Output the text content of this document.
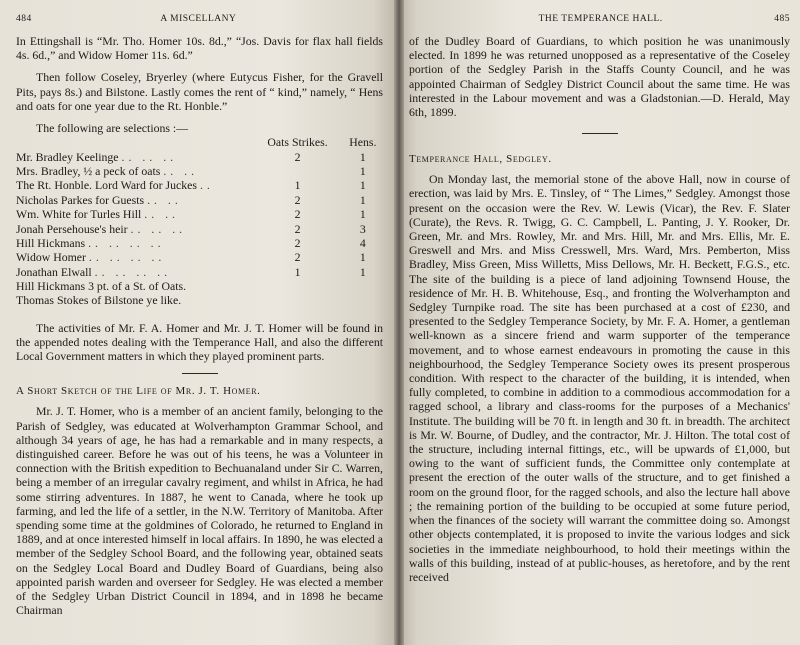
484	A MISCELLANY

In Ettingshall is “Mr. Tho. Homer 10s. 8d.,” “Jos. Davis for flax hall fields 4s. 6d.,” and Widow Homer 11s. 6d.”

Then follow Coseley, Bryerley (where Eutycus Fisher, for the Gravell Pits, pays 8s.) and Bilstone. Lastly comes the rent of “ kind,” namely, “ Hens and oats for one year due to the Rt. Honble.”

The following are selections :—

	Oats Strikes.	Hens.
Mr. Bradley Keelinge .. .. ..	2	1
Mrs. Bradley, ½ a peck of oats .. ..		1
The Rt. Honble. Lord Ward for Juckes ..	1	1
Nicholas Parkes for Guests .. ..	2	1
Wm. White for Turles Hill .. ..	2	1
Jonah Persehouse's heir .. .. ..	2	3
Hill Hickmans .. .. .. ..	2	4
Widow Homer .. .. .. ..	2	1
Jonathan Elwall .. .. .. ..	1	1

Hill Hickmans 3 pt. of a St. of Oats.

Thomas Stokes of Bilstone ye like.

The activities of Mr. F. A. Homer and Mr. J. T. Homer will be found in the appended notes dealing with the Temperance Hall, and also the different Local Government matters in which they played prominent parts.

A Short Sketch of the Life of Mr. J. T. Homer.

Mr. J. T. Homer, who is a member of an ancient family, belonging to the Parish of Sedgley, was educated at Wolverhampton Grammar School, and although 34 years of age, he has had a remarkable and in many respects, a distinguished career. Before he was out of his teens, he was a Volunteer in connection with the British expedition to Bechuanaland under Sir C. Warren, being a member of an irregular cavalry regiment, and whilst in Africa, he had some stirring adventures. In 1887, he went to Canada, where he took up farming, and led the life of a settler, in the N.W. Territory of Manitoba. After spending some time at the goldmines of Colorado, he returned to England in 1889, and at once interested himself in local affairs. In 1890, he was elected a member of the Sedgley School Board, and the following year, obtained seats on the Sedgley Local Board and Dudley Board of Guardians, being also appointed parish warden and overseer for Sedgley. He was elected a member of the Sedgley Urban District Council in 1894, and in 1898 he became Chairman

THE TEMPERANCE HALL.	485

of the Dudley Board of Guardians, to which position he was unanimously elected. In 1899 he was returned unopposed as a representative of the Coseley portion of the Sedgley Parish in the Staffs County Council, and he was appointed Chairman of Sedgley District Council about the same time. He was interested in the Labour movement and was a Gladstonian.—D. Herald, May 6th, 1899.

Temperance Hall, Sedgley.

On Monday last, the memorial stone of the above Hall, now in course of erection, was laid by Mrs. E. Tinsley, of “ The Limes,” Sedgley. Amongst those present on the occasion were the Rev. W. Lewis (Vicar), the Rev. F. Slater (Curate), the Revs. R. Twigg, G. C. Campbell, L. Panting, J. Y. Rooker, Dr. Green, Mr. and Mrs. Rowley, Mr. and Mrs. Hill, Mr. and Mrs. Ellis, Mr. E. Greswell and Mrs. and Miss Cresswell, Mrs. Ward, Mrs. Pemberton, Miss Bradley, Miss Green, Miss Willetts, Miss Dellows, Mr. H. Beckett, F.G.S., etc. The site of the building is a piece of land adjoining Townsend House, the residence of Mr. H. B. Whitehouse, Esq., and fronting the Wolverhampton and Sedgley Turnpike road. The site has been purchased at a cost of £230, and presented to the Sedgley Temperance Society, by Mr. F. A. Homer, a gentleman well-known as a sincere friend and warm supporter of the temperance movement, and to whose earnest endeavours in promoting the cause in this neighbourhood, the Sedgley Temperance Society owes its present prosperous condition. With respect to the character of the building, it is intended, when fully completed, to combine in addition to a commodious accommodation for a ragged school, a library and class-rooms for the purposes of a Mechanics' Institute. The building will be 70 ft. in length and 30 ft. in breadth. The architect is Mr. W. Bourne, of Dudley, and the contractor, Mr. J. Hilton. The total cost of the structure, including internal fittings, etc., will be upwards of £1,000, but owing to the want of sufficient funds, the Committee only contemplate at present the erection of the outer walls of the structure, and to get finished a room on the ground floor, for the ragged schools, and also the lecture hall above ; the remaining portion of the building to be occupied at some future period, when the finances of the society will warrant the committee doing so. Amongst other objects contemplated, it is proposed to invite the various lodges and sick societies in the immediate neighbourhood, to hold their meetings within the walls of this building, instead of at public-houses, as heretofore, and by the rent received
